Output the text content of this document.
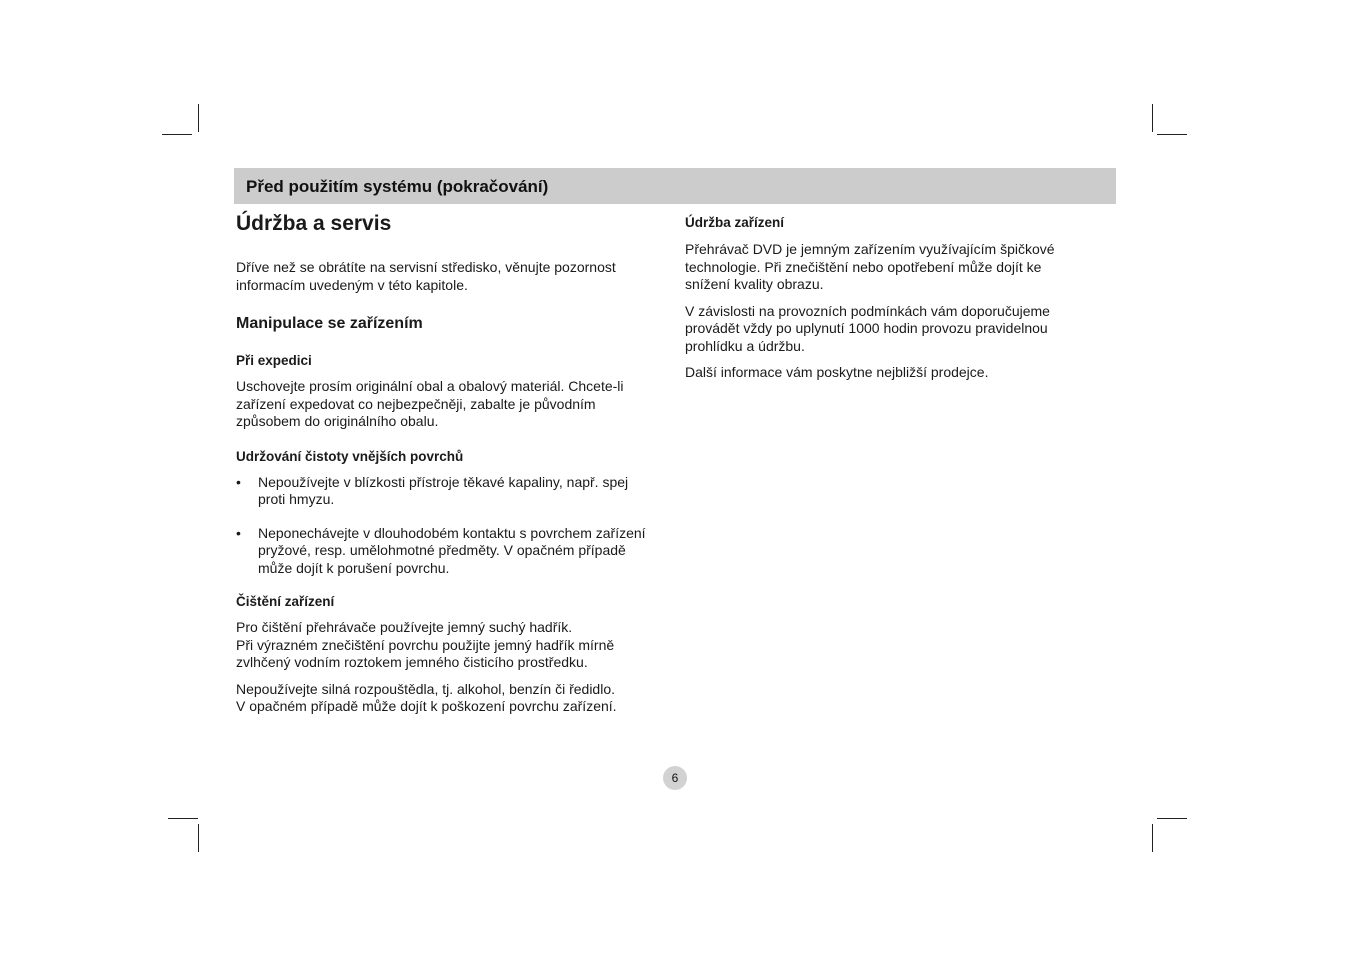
Před použitím systému (pokračování)
Údržba a servis

Dříve než se obrátíte na servisní středisko, věnujte pozornost
informacím uvedeným v této kapitole.

Manipulace se zařízením
Při expedici

Uschovejte prosím originální obal a obalový materiál. Chcete-li
zařízení expedovat co nejbezpečněji, zabalte je původním
způsobem do originálního obalu.

Udržování čistoty vnějších povrchů
• Nepoužívejte v blízkosti přístroje těkavé kapaliny, např. spej
proti hmyzu.
• Neponechávejte v dlouhodobém kontaktu s povrchem zařízení
pryžové, resp. umělohmotné předměty. V opačném případě
může dojít k porušení povrchu.
Čištění zařízení

Pro čištění přehrávače používejte jemný suchý hadřík.
Při výrazném znečištění povrchu použijte jemný hadřík mírně
zvlhčený vodním roztokem jemného čisticího prostředku.

Nepoužívejte silná rozpouštědla, tj. alkohol, benzín či ředidlo.
V opačném případě může dojít k poškození povrchu zařízení.

Údržba zařízení

Přehrávač DVD je jemným zařízením využívajícím špičkové
technologie. Při znečištění nebo opotřebení může dojít ke
snížení kvality obrazu.

V závislosti na provozních podmínkách vám doporučujeme
provádět vždy po uplynutí 1000 hodin provozu pravidelnou
prohlídku a údržbu.

Další informace vám poskytne nejbližší prodejce.

6
